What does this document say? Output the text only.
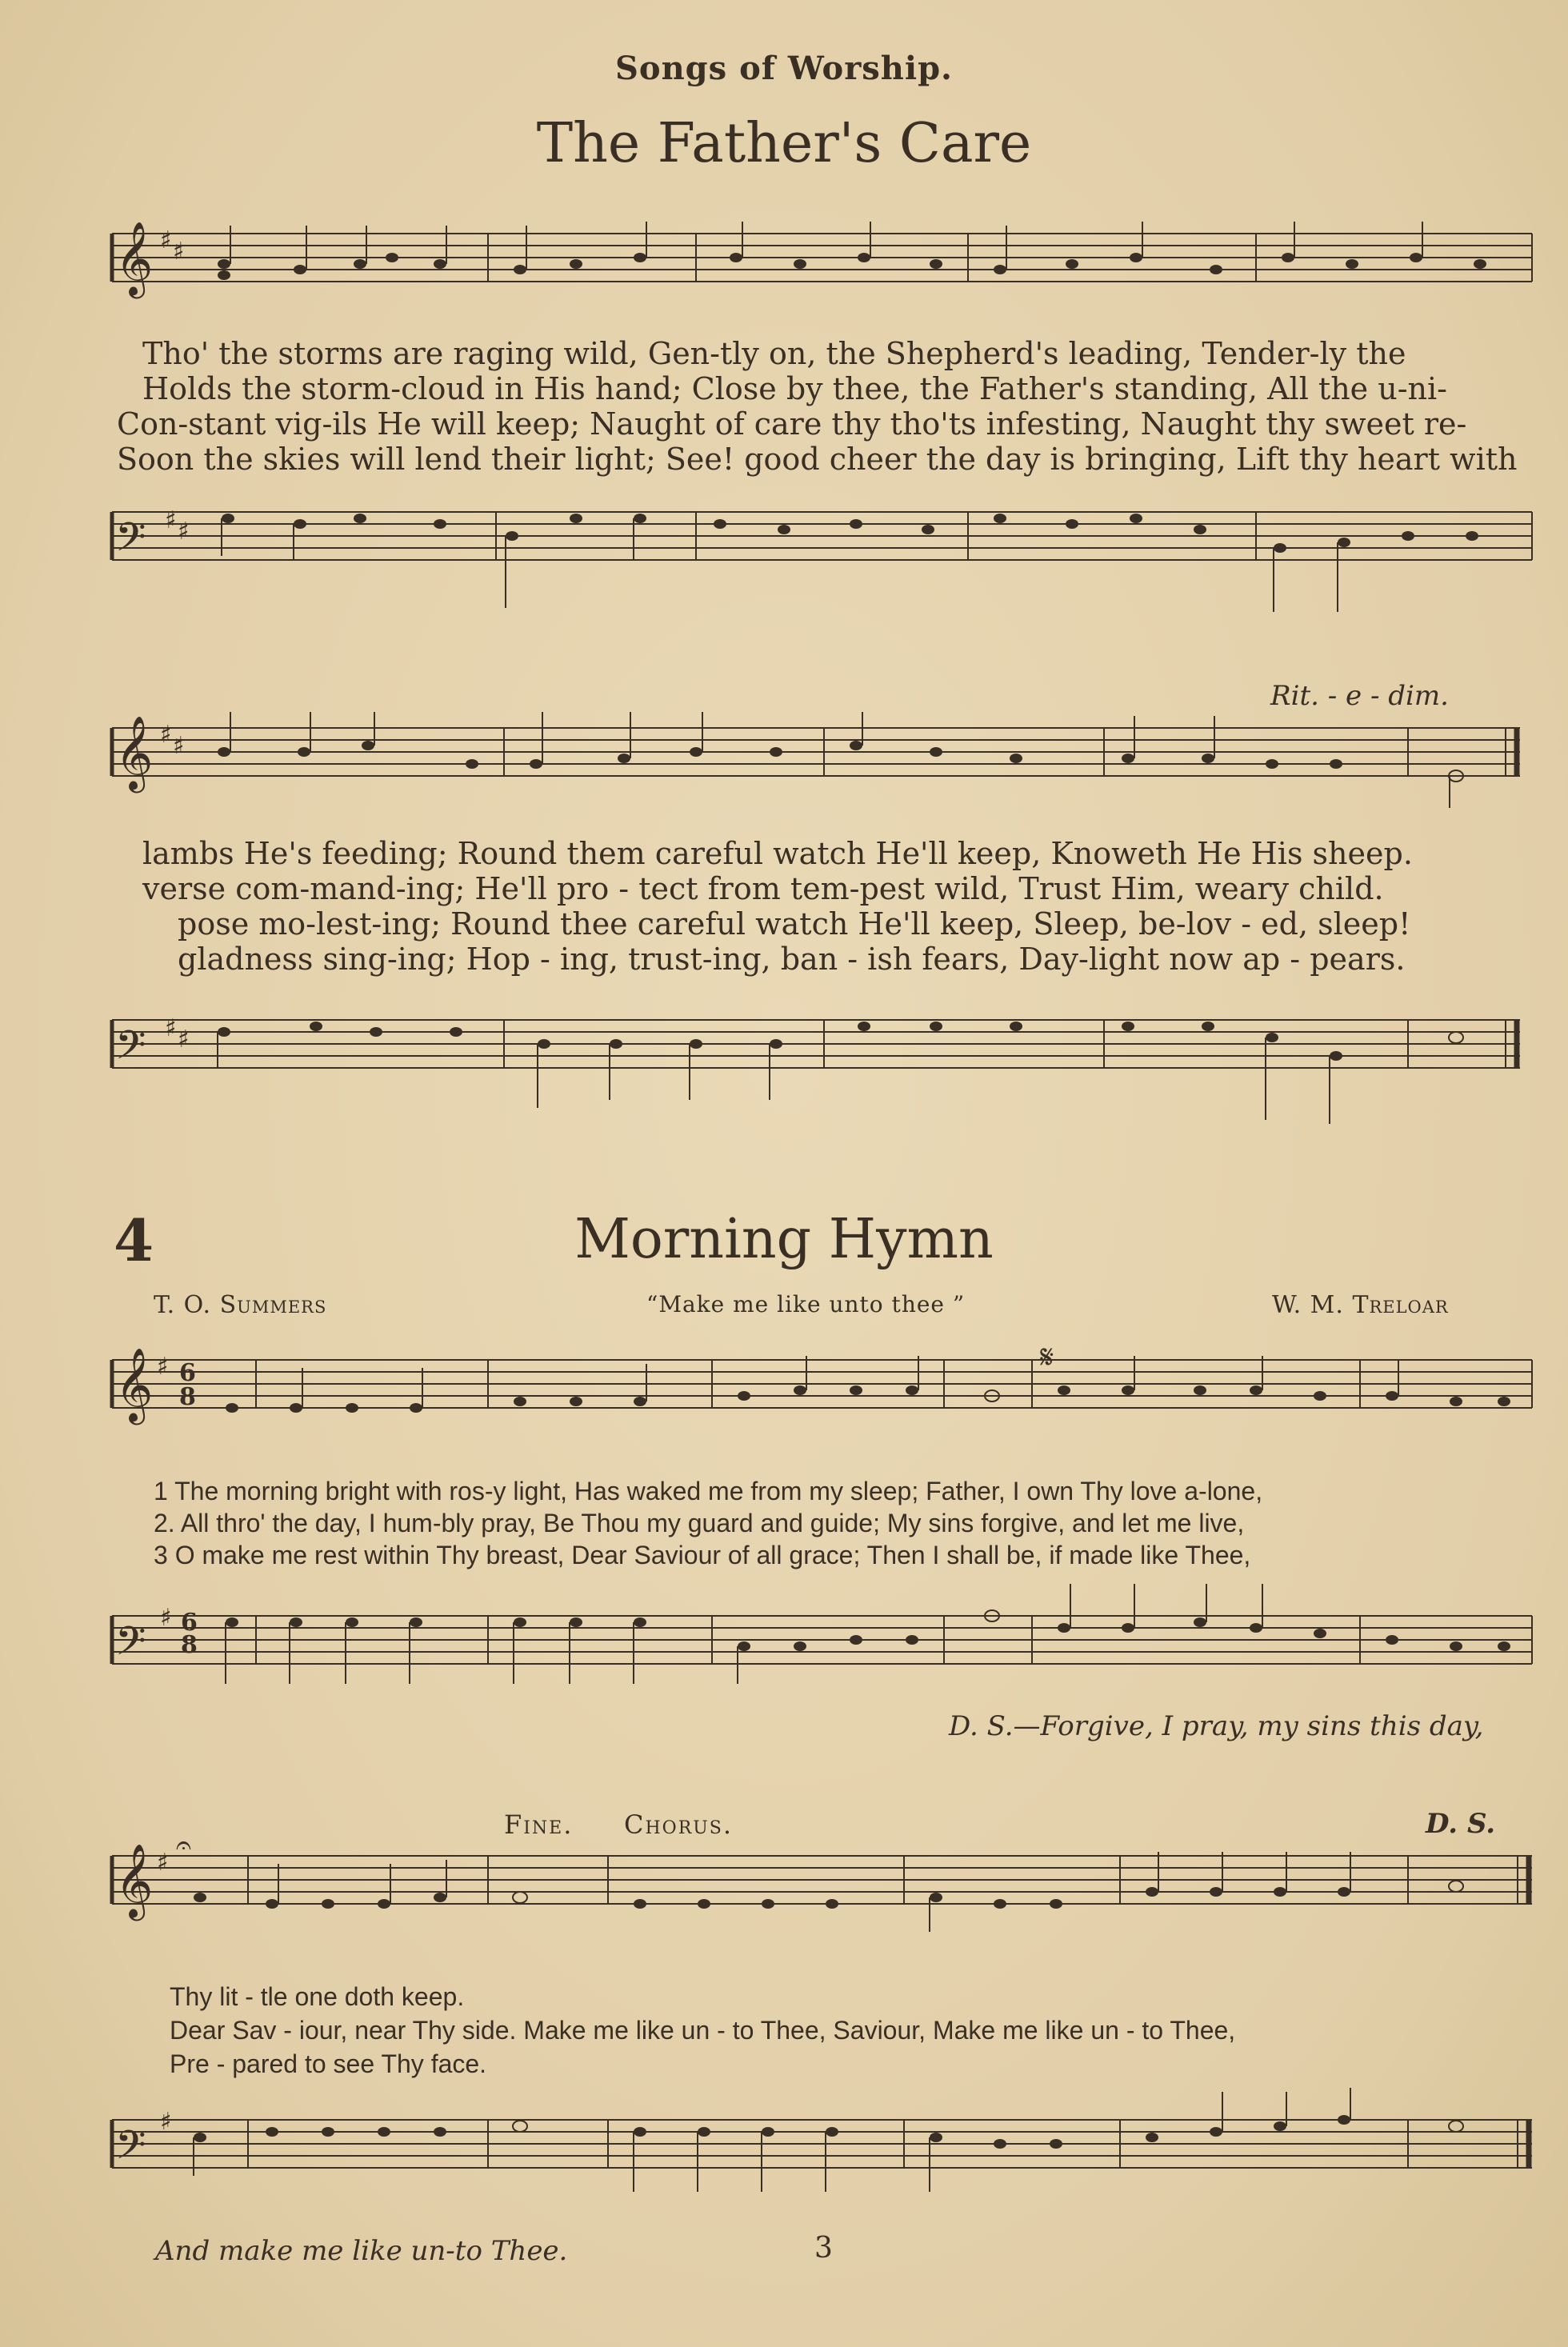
Songs of Worship.
The Father's Care
𝄞 ♯ ♯
Tho' the storms are raging wild, Gen-tly on, the Shepherd's leading, Tender-ly the
Holds the storm-cloud in His hand; Close by thee, the Father's standing, All the u-ni-
Con-stant vig-ils He will keep; Naught of care thy tho'ts infesting, Naught thy sweet re-
Soon the skies will lend their light; See! good cheer the day is bringing, Lift thy heart with
𝄢 ♯ ♯
Rit. - e - dim.
𝄞 ♯ ♯
lambs He's feeding; Round them careful watch He'll keep, Knoweth He His sheep.
verse com-mand-ing; He'll pro - tect from tem-pest wild, Trust Him, weary child.
pose mo-lest-ing; Round thee careful watch He'll keep, Sleep, be-lov - ed, sleep!
gladness sing-ing; Hop - ing, trust-ing, ban - ish fears, Day-light now ap - pears.
𝄢 ♯ ♯
4	Morning Hymn
T. O. Summers	“Make me like unto thee ”	W. M. Treloar
𝄞 ♯ 6
8
𝄋
1 The morning bright with ros-y light, Has waked me from my sleep; Father, I own Thy love a-lone,
2. All thro' the day, I hum-bly pray, Be Thou my guard and guide; My sins forgive, and let me live,
3 O make me rest within Thy breast, Dear Saviour of all grace; Then I shall be, if made like Thee,
𝄢
♯ 6
8
D. S.—Forgive, I pray, my sins this day,
Fine. Chorus.	D. S.
𝄞 ♯
𝄐
Thy lit - tle one doth keep.
Dear Sav - iour, near Thy side. Make me like un - to Thee, Saviour, Make me like un - to Thee,
Pre - pared to see Thy face.
𝄢
♯
And make me like un-to Thee.	3
